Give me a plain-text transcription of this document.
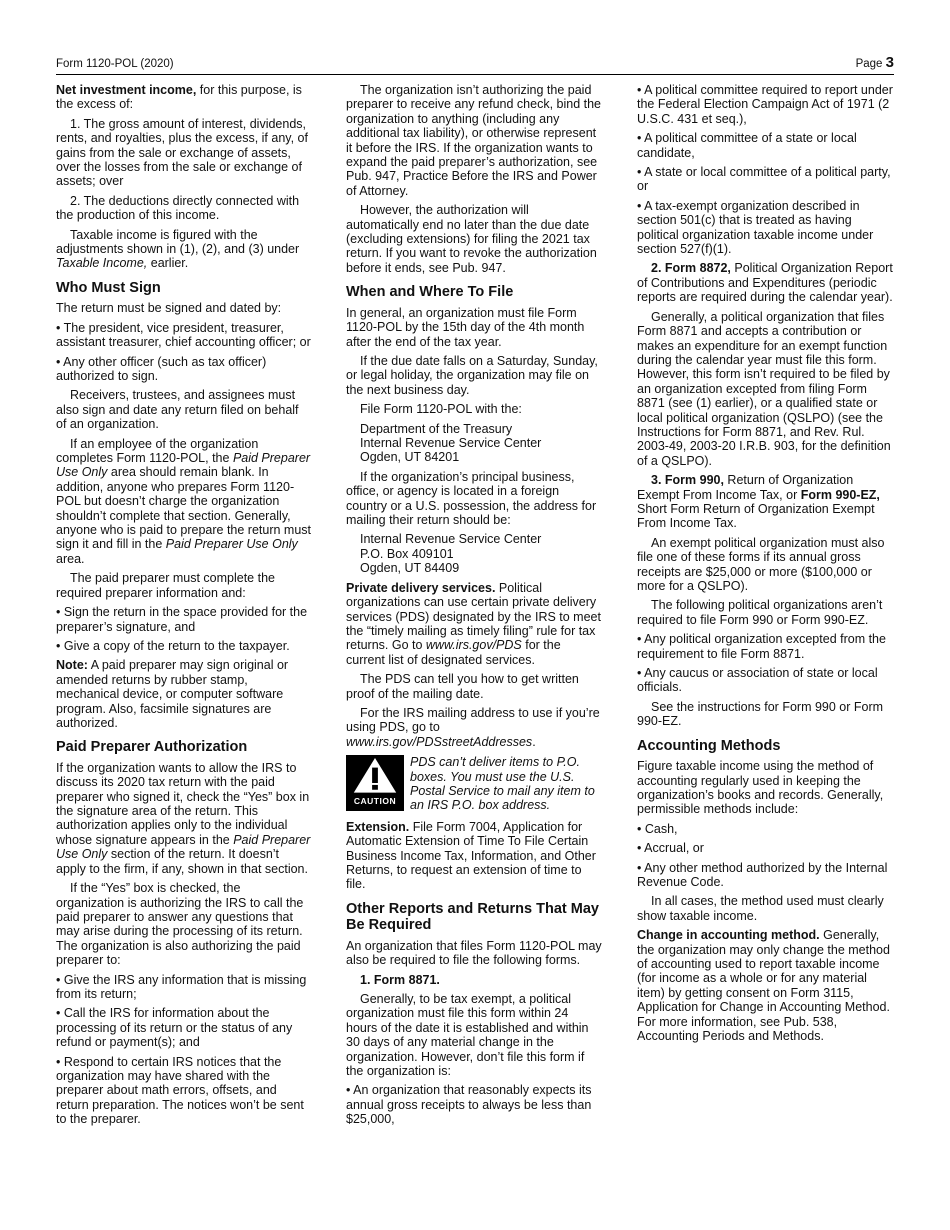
Form 1120-POL (2020)	Page 3

Net investment income, for this purpose, is the excess of:

1. The gross amount of interest, dividends, rents, and royalties, plus the excess, if any, of gains from the sale or exchange of assets, over the losses from the sale or exchange of assets; over

2. The deductions directly connected with the production of this income.

Taxable income is figured with the adjustments shown in (1), (2), and (3) under Taxable Income, earlier.

Who Must Sign

The return must be signed and dated by:

• The president, vice president, treasurer, assistant treasurer, chief accounting officer; or

• Any other officer (such as tax officer) authorized to sign.

Receivers, trustees, and assignees must also sign and date any return filed on behalf of an organization.

If an employee of the organization completes Form 1120-POL, the Paid Preparer Use Only area should remain blank. In addition, anyone who prepares Form 1120-POL but doesn’t charge the organization shouldn’t complete that section. Generally, anyone who is paid to prepare the return must sign it and fill in the Paid Preparer Use Only area.

The paid preparer must complete the required preparer information and:

• Sign the return in the space provided for the preparer’s signature, and

• Give a copy of the return to the taxpayer.

Note: A paid preparer may sign original or amended returns by rubber stamp, mechanical device, or computer software program. Also, facsimile signatures are authorized.

Paid Preparer Authorization

If the organization wants to allow the IRS to discuss its 2020 tax return with the paid preparer who signed it, check the “Yes” box in the signature area of the return. This authorization applies only to the individual whose signature appears in the Paid Preparer Use Only section of the return. It doesn’t apply to the firm, if any, shown in that section.

If the “Yes” box is checked, the organization is authorizing the IRS to call the paid preparer to answer any questions that may arise during the processing of its return. The organization is also authorizing the paid preparer to:

• Give the IRS any information that is missing from its return;

• Call the IRS for information about the processing of its return or the status of any refund or payment(s); and

• Respond to certain IRS notices that the organization may have shared with the preparer about math errors, offsets, and return preparation. The notices won’t be sent to the preparer.

The organization isn’t authorizing the paid preparer to receive any refund check, bind the organization to anything (including any additional tax liability), or otherwise represent it before the IRS. If the organization wants to expand the paid preparer’s authorization, see Pub. 947, Practice Before the IRS and Power of Attorney.

However, the authorization will automatically end no later than the due date (excluding extensions) for filing the 2021 tax return. If you want to revoke the authorization before it ends, see Pub. 947.

When and Where To File

In general, an organization must file Form 1120-POL by the 15th day of the 4th month after the end of the tax year.

If the due date falls on a Saturday, Sunday, or legal holiday, the organization may file on the next business day.

File Form 1120-POL with the:

Department of the Treasury

Internal Revenue Service Center

Ogden, UT 84201

If the organization’s principal business, office, or agency is located in a foreign country or a U.S. possession, the address for mailing their return should be:

Internal Revenue Service Center

P.O. Box 409101

Ogden, UT 84409

Private delivery services. Political organizations can use certain private delivery services (PDS) designated by the IRS to meet the “timely mailing as timely filing” rule for tax returns. Go to www.irs.gov/PDS for the current list of designated services.

The PDS can tell you how to get written proof of the mailing date.

For the IRS mailing address to use if you’re using PDS, go to www.irs.gov/PDSstreetAddresses.

CAUTION
PDS can’t deliver items to P.O. boxes. You must use the U.S. Postal Service to mail any item to an IRS P.O. box address.

Extension. File Form 7004, Application for Automatic Extension of Time To File Certain Business Income Tax, Information, and Other Returns, to request an extension of time to file.

Other Reports and Returns That May Be Required

An organization that files Form 1120-POL may also be required to file the following forms.

1. Form 8871.

Generally, to be tax exempt, a political organization must file this form within 24 hours of the date it is established and within 30 days of any material change in the organization. However, don’t file this form if the organization is:

• An organization that reasonably expects its annual gross receipts to always be less than $25,000,

• A political committee required to report under the Federal Election Campaign Act of 1971 (2 U.S.C. 431 et seq.),

• A political committee of a state or local candidate,

• A state or local committee of a political party, or

• A tax-exempt organization described in section 501(c) that is treated as having political organization taxable income under section 527(f)(1).

2. Form 8872, Political Organization Report of Contributions and Expenditures (periodic reports are required during the calendar year).

Generally, a political organization that files Form 8871 and accepts a contribution or makes an expenditure for an exempt function during the calendar year must file this form. However, this form isn’t required to be filed by an organization excepted from filing Form 8871 (see (1) earlier), or a qualified state or local political organization (QSLPO) (see the Instructions for Form 8871, and Rev. Rul. 2003-49, 2003-20 I.R.B. 903, for the definition of a QSLPO).

3. Form 990, Return of Organization Exempt From Income Tax, or Form 990-EZ, Short Form Return of Organization Exempt From Income Tax.

An exempt political organization must also file one of these forms if its annual gross receipts are $25,000 or more ($100,000 or more for a QSLPO).

The following political organizations aren’t required to file Form 990 or Form 990-EZ.

• Any political organization excepted from the requirement to file Form 8871.

• Any caucus or association of state or local officials.

See the instructions for Form 990 or Form 990-EZ.

Accounting Methods

Figure taxable income using the method of accounting regularly used in keeping the organization’s books and records. Generally, permissible methods include:

• Cash,

• Accrual, or

• Any other method authorized by the Internal Revenue Code.

In all cases, the method used must clearly show taxable income.

Change in accounting method. Generally, the organization may only change the method of accounting used to report taxable income (for income as a whole or for any material item) by getting consent on Form 3115, Application for Change in Accounting Method. For more information, see Pub. 538, Accounting Periods and Methods.
